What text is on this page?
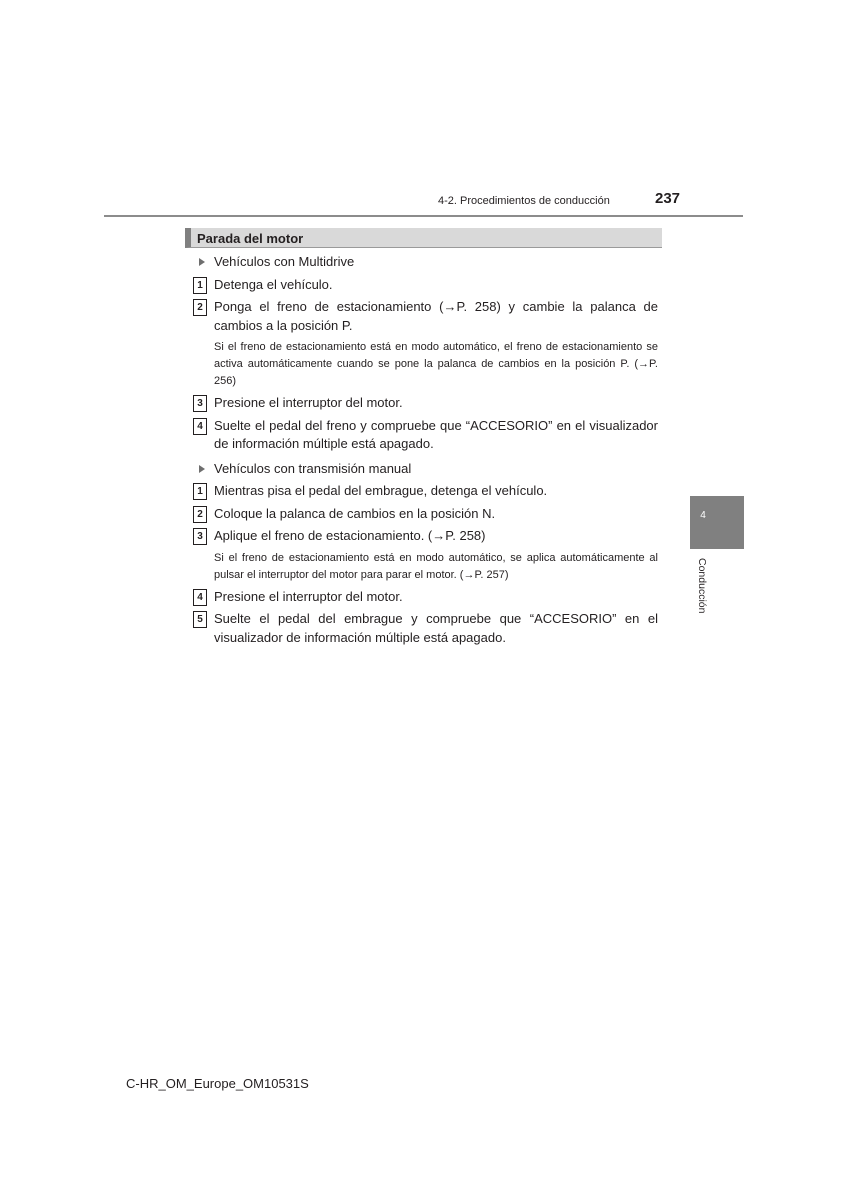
4-2. Procedimientos de conducción	237
Parada del motor
4
Conducción
Vehículos con Multidrive
1 Detenga el vehículo.
2 Ponga el freno de estacionamiento (→P. 258) y cambie la palanca de cambios a la posición P.
Si el freno de estacionamiento está en modo automático, el freno de estacionamiento se activa automáticamente cuando se pone la palanca de cambios en la posición P. (→P. 256)
3 Presione el interruptor del motor.
4 Suelte el pedal del freno y compruebe que “ACCESORIO” en el visualizador de información múltiple está apagado.
Vehículos con transmisión manual
1 Mientras pisa el pedal del embrague, detenga el vehículo.
2 Coloque la palanca de cambios en la posición N.
3 Aplique el freno de estacionamiento. (→P. 258)
Si el freno de estacionamiento está en modo automático, se aplica automáticamente al pulsar el interruptor del motor para parar el motor. (→P. 257)
4 Presione el interruptor del motor.
5 Suelte el pedal del embrague y compruebe que “ACCESORIO” en el visualizador de información múltiple está apagado.
C-HR_OM_Europe_OM10531S
